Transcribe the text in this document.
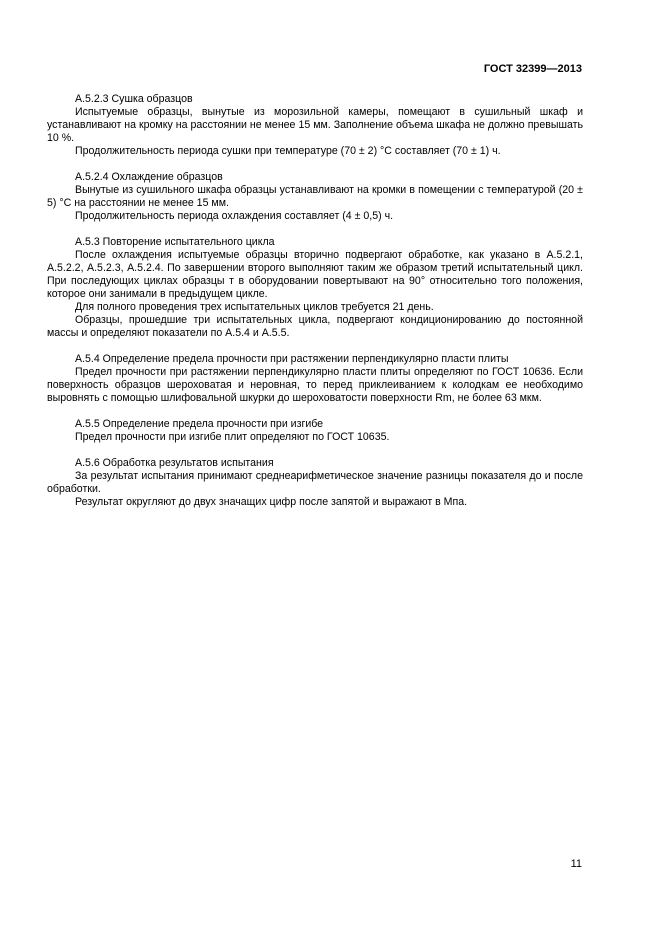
ГОСТ 32399—2013
А.5.2.3 Сушка образцов
Испытуемые образцы, вынутые из морозильной камеры, помещают в сушильный шкаф и устанавливают на кромку на расстоянии не менее 15 мм. Заполнение объема шкафа не должно превышать 10 %.
Продолжительность периода сушки при температуре (70 ± 2) °С составляет (70 ± 1) ч.
А.5.2.4 Охлаждение образцов
Вынутые из сушильного шкафа образцы устанавливают на кромки в помещении с температурой (20 ± 5) °С на расстоянии не менее 15 мм.
Продолжительность периода охлаждения составляет (4 ± 0,5) ч.
А.5.3 Повторение испытательного цикла
После охлаждения испытуемые образцы вторично подвергают обработке, как указано в А.5.2.1, А.5.2.2, А.5.2.3, А.5.2.4. По завершении второго выполняют таким же образом третий испытательный цикл. При последующих циклах образцы т в оборудовании повертывают на 90° относительно того положения, которое они занимали в предыдущем цикле.
Для полного проведения трех испытательных циклов требуется 21 день.
Образцы, прошедшие три испытательных цикла, подвергают кондиционированию до постоянной массы и определяют показатели по А.5.4 и А.5.5.
А.5.4 Определение предела прочности при растяжении перпендикулярно пласти плиты
Предел прочности при растяжении перпендикулярно пласти плиты определяют по ГОСТ 10636. Если поверхность образцов шероховатая и неровная, то перед приклеиванием к колодкам ее необходимо выровнять с помощью шлифовальной шкурки до шероховатости поверхности Rm, не более 63 мкм.
А.5.5 Определение предела прочности при изгибе
Предел прочности при изгибе плит определяют по ГОСТ 10635.
А.5.6 Обработка результатов испытания
За результат испытания принимают среднеарифметическое значение разницы показателя до и после обработки.
Результат округляют до двух значащих цифр после запятой и выражают в Мпа.
11
